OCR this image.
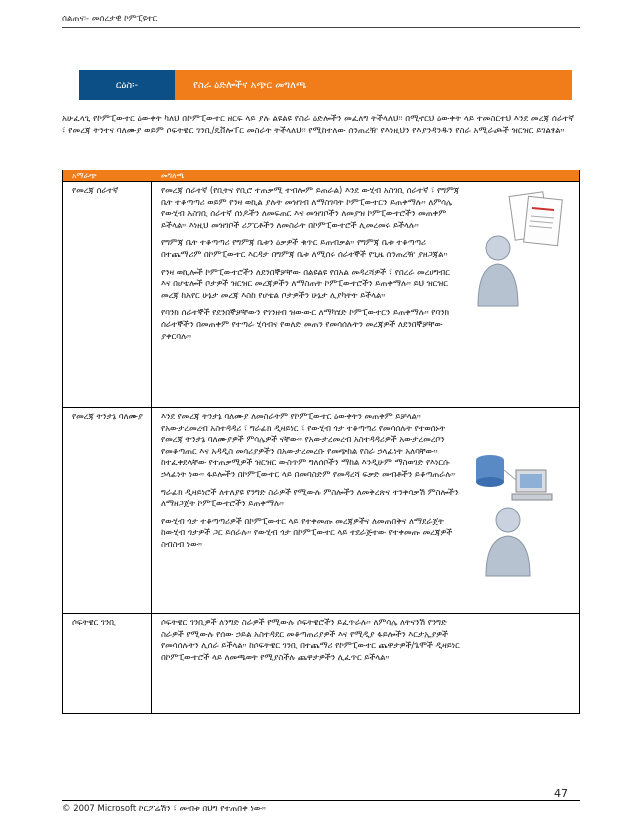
ሰልጠና፡- መሰረታዊ ኮምፒዩተር
ርዕስ፡-	የስራ ዕድሎችና አጭር መግለጫ
አሁፈላጊ የኮምፒውተር ዕውቀት ካለህ በኮምፒውተር ዘርፍ ላይ ያሉ ልዩልዩ የስራ ዕድሎችን መፈለግ ትችላለህ፡፡ በሚኖርህ ዕውቀት ላይ ተመስርተህ እንደ መረጃ ሰራተኛ ፣ የመረጃ ትንተና ባለሙያ ወይም ሶፍትዌር ገንቢ/ዴቨሎፐር መስራት ትችላለህ፡፡ የሚከተለው ሰንጠረዥ የእነዚህን የእያንዳንዱን የስራ አሚራጮች ዝርዝር ይገልፃል።
አማራጭ	መግለጫ
የመረጃ ሰራተኛ	የመረጃ ሰራተኛ (የቢትና የቢሮ ተጠቃሚ ተብሎም ይጠራል) እንደ ውሂብ አስገቢ ሰራተኛ ፣ የግምጃ ቤት ተቆጣጣሪ ወይም የንዛ ወኪል ያሉት መዝገብ ለማስገባት ኮምፒውተርን ይጠቀማሉ። ለምሳሌ የውሂብ አስገቢ ሰራተኛ ሰነዶችን ለመፍጠር እና መዝገቦችን ለመያዝ ኮምፒውተሮችን መጠቀም ይችላል። እነዚህ መዝገቦች ሪፖርቶችን ለመስራት በኮምፒውተሮች ሊመረመሩ ይችላሉ።

የግምጃ ቤት ተቆጣጣሪ የግምጃ ቤቱን ዕቃዎች ቁጥር ይጠብቃል። የግምጃ ቤቱ ተቆጣጣሪ በተጨማሪም በኮምፒውተር እርዳታ በግምጃ ቤቱ ለሚሰሩ ሰራተኞች የጊዜ ሰንጠረዥ ያዘጋጃል።

የንዛ ወኪሎች ኮምፒውተሮችን ለደንበኞቻቸው በልዩልዩ የበአል መዳረሻዎች ፣ የበረራ መረሀግብር እና በሆቴሎች ቦታዎች ዝርዝር መረጃዎችን ለማስጠት ኮምፒውተሮችን ይጠቀማሉ። ይህ ዝርዝር መረጃ ከአየር ሁኔታ መረጃ እስከ የሆቴል ቦታዎችን ሁኔታ ሊያካትት ይችላል።

የባንክ ሰራተኞች የደንበኞቻቸውን የገንዘብ ዝውውር ለማካሄድ ኮምፒውተርን ይጠቀማሉ። የባንክ ሰራተኞችን በመጠቀም የተጣራ ሂሳብና የወለድ መጠን የመሳሰሉትን መረጃዎች ለደንበኞቻቸው ያቀርባሉ።

የመረጃ ትንታኔ ባለሙያ	እንደ የመረጃ ትንታኔ ባለሙያ ለመስራትም የኮምፒውተር ዕውቀትን መጠቀም ይቻላል። የአውታረመረብ አስተዳዳሪ ፣ ግራፊክ ዲዛይነር ፣ የውሂብ ጎታ ተቆጣጣሪ የመሳሰሉት የተወሰኑት የመረጃ ትንታኔ ባለሙያዎች ምሳሌዎች ናቸው። የአውታረመረብ አስተዳዳሪዎች አውታረመረቦን የመቆጣጠር እና አዳዲስ መሳሪያዎችን በአውታረመረቡ የመጭከል የስራ ኃላፊነት አለባቸው። ከተፈቀደላቸው የተጠቃሚዎች ዝርዝር ውስጥም ግለሰቦችን ማከል እንዲሁም ማስወገድ የእነርሱ ኃላፊነት ነው። ፋይሎችን በኮምፒውተር ላይ በመባስድም የመዳረሻ ፍቃድ መብቶችን ይቆጣጠራሉ።

ግራፊክ ዲዛይነሮች ለተለያዩ የንግድ ስራዎች የሚውሉ ምስሎችን ለመቅረጽና ተንቀሳቃሽ ምስሎችን ለማዘጋጀት ኮምፒውተሮችን ይጠቀማሉ።

የውሂብ ጎታ ተቆጣጣሪዎች በኮምፒውተር ላይ የተቀመጡ መረጃዎችና ለመጠበቅና ለማደራጀት ከውሂብ ጎታዎች ጋር ይሰራሉ። የውሂብ ጎታ በኮምፒውተር ላይ ተደራጅተው የተቀመጡ መረጃዎች ስብስብ ነው።

ሶፍትዌር ገንቢ	ሶፍትዌር ገንቢዎች ለንግድ ስራዎች የሚውሉ ሶፍትዌሮችን ይፈጥራሉ። ለምሳሌ ለትናንሽ የንግድ ስራዎች የሚውሉ የሰው ኃይል አስተዳደር መቆጣጠሪያዎች እና የሚዲያ ፋይሎችን እርታኢያዎች የመሳሰሉትን ሊሰራ ይችላል። ከሶፍትዌር ገንቢ በተጨማሪ የኮምፒውተር ጨዋታዎች/ጌሞች ዲዛይነር በኮምፒውተሮች ላይ ለመጫወት የሚያስችሉ ጨዋታዎችን ሊፈጥር ይችላል።

47
© 2007 Microsoft ኮርፖሬሽን ፣ መብቱ በህግ የተጠበቀ ነው።
